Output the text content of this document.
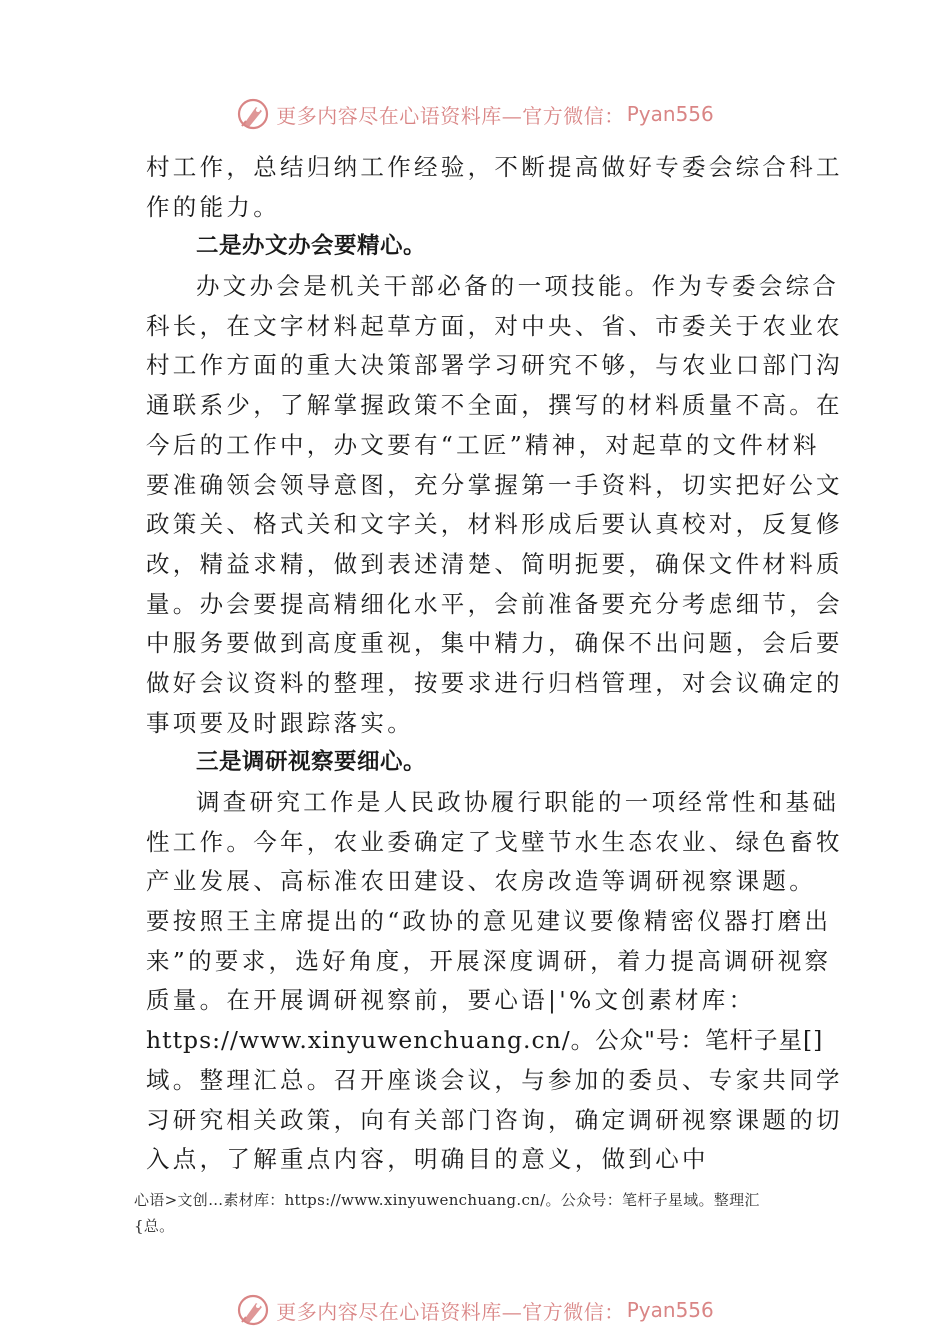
更多内容尽在心语资料库—官方微信： Pyan556
村工作，总结归纳工作经验，不断提高做好专委会综合科工
作的能力。
二是办文办会要精心。
办文办会是机关干部必备的一项技能。作为专委会综合
科长，在文字材料起草方面，对中央、省、市委关于农业农
村工作方面的重大决策部署学习研究不够，与农业口部门沟
通联系少，了解掌握政策不全面，撰写的材料质量不高。在
今后的工作中，办文要有“工匠”精神，对起草的文件材料
要准确领会领导意图，充分掌握第一手资料，切实把好公文
政策关、格式关和文字关，材料形成后要认真校对，反复修
改，精益求精，做到表述清楚、简明扼要，确保文件材料质
量。办会要提高精细化水平，会前准备要充分考虑细节，会
中服务要做到高度重视，集中精力，确保不出问题，会后要
做好会议资料的整理，按要求进行归档管理，对会议确定的
事项要及时跟踪落实。
三是调研视察要细心。
调查研究工作是人民政协履行职能的一项经常性和基础
性工作。今年，农业委确定了戈壁节水生态农业、绿色畜牧
产业发展、高标准农田建设、农房改造等调研视察课题。
要按照王主席提出的“政协的意见建议要像精密仪器打磨出
来”的要求，选好角度，开展深度调研，着力提高调研视察
质量。在开展调研视察前，要心语|'%文创素材库：
https://www.xinyuwenchuang.cn/。公众"号：笔杆子星[]
域。整理汇总。召开座谈会议，与参加的委员、专家共同学
习研究相关政策，向有关部门咨询，确定调研视察课题的切
入点，了解重点内容，明确目的意义，做到心中
心语>文创…素材库：https://www.xinyuwenchuang.cn/。公众号：笔杆子星域。整理汇
{总。
更多内容尽在心语资料库—官方微信： Pyan556
